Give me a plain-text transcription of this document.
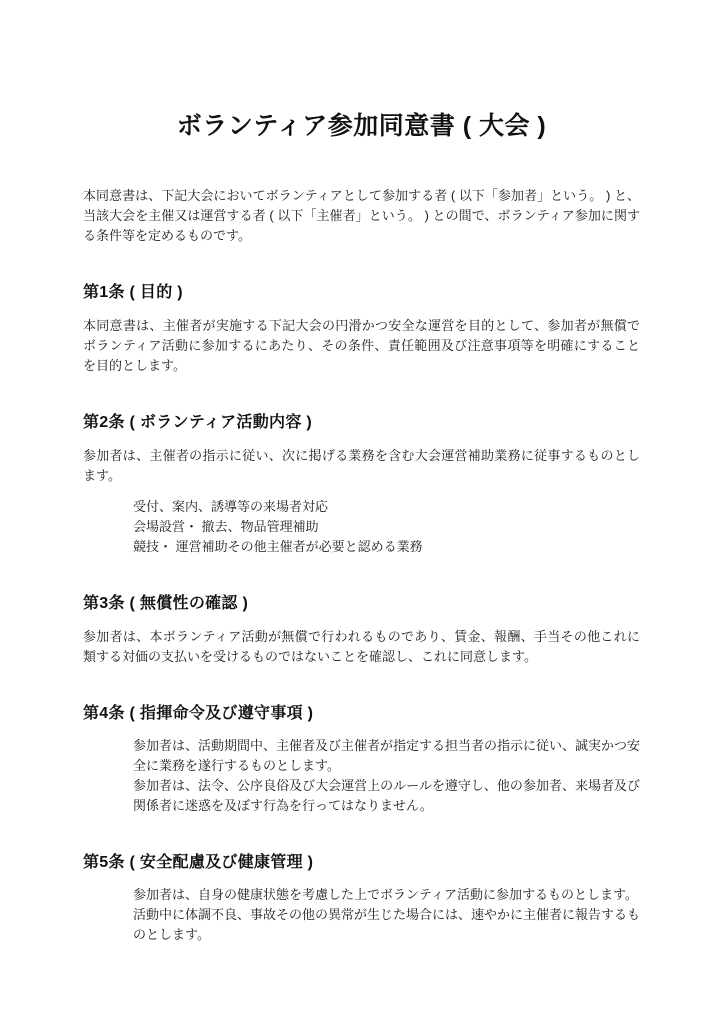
ボランティア参加同意書 ( 大会 )

本同意書は、下記大会においてボランティアとして参加する者 ( 以下「参加者」という。 ) と、当該大会を主催又は運営する者 ( 以下「主催者」という。 ) との間で、ボランティア参加に関する条件等を定めるものです。

第1条 ( 目的 )

本同意書は、主催者が実施する下記大会の円滑かつ安全な運営を目的として、参加者が無償でボランティア活動に参加するにあたり、その条件、責任範囲及び注意事項等を明確にすることを目的とします。

第2条 ( ボランティア活動内容 )

参加者は、主催者の指示に従い、次に掲げる業務を含む大会運営補助業務に従事するものとします。

受付、案内、誘導等の来場者対応

会場設営・ 撤去、物品管理補助

競技・ 運営補助その他主催者が必要と認める業務

第3条 ( 無償性の確認 )

参加者は、本ボランティア活動が無償で行われるものであり、賃金、報酬、手当その他これに類する対価の支払いを受けるものではないことを確認し、これに同意します。

第4条 ( 指揮命令及び遵守事項 )

参加者は、活動期間中、主催者及び主催者が指定する担当者の指示に従い、誠実かつ安全に業務を遂行するものとします。

参加者は、法令、公序良俗及び大会運営上のルールを遵守し、他の参加者、来場者及び関係者に迷惑を及ぼす行為を行ってはなりません。

第5条 ( 安全配慮及び健康管理 )

参加者は、自身の健康状態を考慮した上でボランティア活動に参加するものとします。

活動中に体調不良、事故その他の異常が生じた場合には、速やかに主催者に報告するものとします。
